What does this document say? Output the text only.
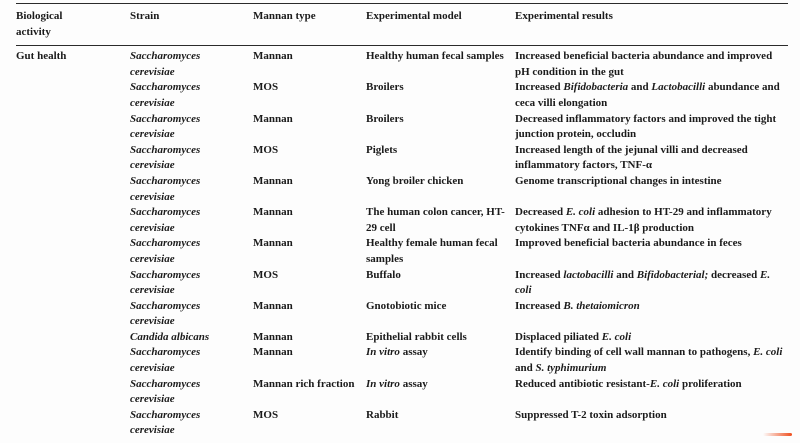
Biological activity	Strain	Mannan type	Experimental model	Experimental results
Gut health	Saccharomyces cerevisiae	Mannan	Healthy human fecal samples	Increased beneficial bacteria abundance and improved pH condition in the gut
	Saccharomyces cerevisiae	MOS	Broilers	Increased Bifidobacteria and Lactobacilli abundance and ceca villi elongation
	Saccharomyces cerevisiae	Mannan	Broilers	Decreased inflammatory factors and improved the tight junction protein, occludin
	Saccharomyces cerevisiae	MOS	Piglets	Increased length of the jejunal villi and decreased inflammatory factors, TNF-α
	Saccharomyces cerevisiae	Mannan	Yong broiler chicken	Genome transcriptional changes in intestine
	Saccharomyces cerevisiae	Mannan	The human colon cancer, HT-29 cell	Decreased E. coli adhesion to HT-29 and inflammatory cytokines TNFα and IL-1β production
	Saccharomyces cerevisiae	Mannan	Healthy female human fecal samples	Improved beneficial bacteria abundance in feces
	Saccharomyces cerevisiae	MOS	Buffalo	Increased lactobacilli and Bifidobacterial; decreased E. coli
	Saccharomyces cerevisiae	Mannan	Gnotobiotic mice	Increased B. thetaiomicron
	Candida albicans	Mannan	Epithelial rabbit cells	Displaced piliated E. coli
	Saccharomyces cerevisiae	Mannan	In vitro assay	Identify binding of cell wall mannan to pathogens, E. coli and S. typhimurium
	Saccharomyces cerevisiae	Mannan rich fraction	In vitro assay	Reduced antibiotic resistant-E. coli proliferation
	Saccharomyces cerevisiae	MOS	Rabbit	Suppressed T-2 toxin adsorption
